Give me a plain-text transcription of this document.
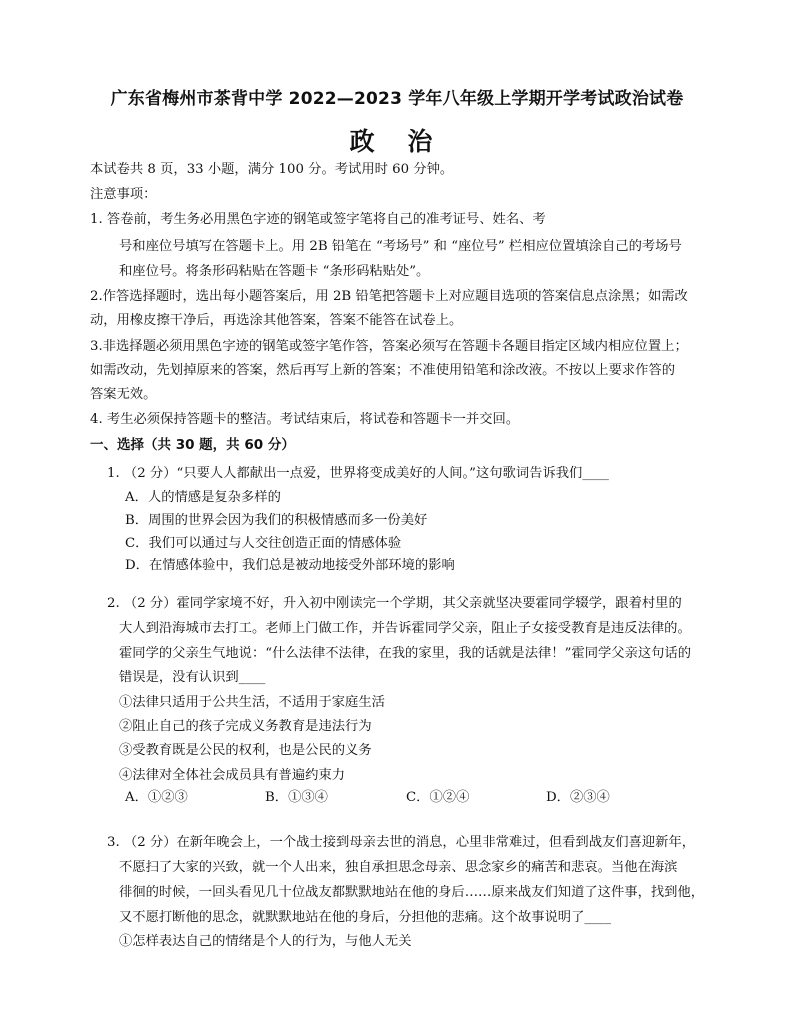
广东省梅州市茶背中学 2022—2023 学年八年级上学期开学考试政治试卷
政 治
本试卷共 8 页，33 小题，满分 100 分。考试用时 60 分钟。
注意事项：
1. 答卷前，考生务必用黑色字迹的钢笔或签字笔将自己的准考证号、姓名、考
号和座位号填写在答题卡上。用 2B 铅笔在 “考场号” 和 “座位号” 栏相应位置填涂自己的考场号
和座位号。将条形码粘贴在答题卡 “条形码粘贴处”。
2.作答选择题时，选出每小题答案后，用 2B 铅笔把答题卡上对应题目选项的答案信息点涂黑；如需改
动，用橡皮擦干净后，再选涂其他答案，答案不能答在试卷上。
3.非选择题必须用黑色字迹的钢笔或签字笔作答，答案必须写在答题卡各题目指定区域内相应位置上；
如需改动，先划掉原来的答案，然后再写上新的答案；不准使用铅笔和涂改液。不按以上要求作答的
答案无效。
4. 考生必须保持答题卡的整洁。考试结束后，将试卷和答题卡一并交回。
一、选择（共 30 题，共 60 分）
1. （2 分）“只要人人都献出一点爱，世界将变成美好的人间。”这句歌词告诉我们____
A．人的情感是复杂多样的
B．周围的世界会因为我们的积极情感而多一份美好
C．我们可以通过与人交往创造正面的情感体验
D．在情感体验中，我们总是被动地接受外部环境的影响
2. （2 分）霍同学家境不好，升入初中刚读完一个学期，其父亲就坚决要霍同学辍学，跟着村里的
大人到沿海城市去打工。老师上门做工作，并告诉霍同学父亲，阻止子女接受教育是违反法律的。
霍同学的父亲生气地说：“什么法律不法律，在我的家里，我的话就是法律！”霍同学父亲这句话的
错误是，没有认识到____
①法律只适用于公共生活，不适用于家庭生活
②阻止自己的孩子完成义务教育是违法行为
③受教育既是公民的权利，也是公民的义务
④法律对全体社会成员具有普遍约束力
A．①②③	B．①③④	C．①②④	D．②③④
3. （2 分）在新年晚会上，一个战士接到母亲去世的消息，心里非常难过，但看到战友们喜迎新年，
不愿扫了大家的兴致，就一个人出来，独自承担思念母亲、思念家乡的痛苦和悲哀。当他在海滨
徘徊的时候，一回头看见几十位战友都默默地站在他的身后……原来战友们知道了这件事，找到他，
又不愿打断他的思念，就默默地站在他的身后，分担他的悲痛。这个故事说明了____
①怎样表达自己的情绪是个人的行为，与他人无关
